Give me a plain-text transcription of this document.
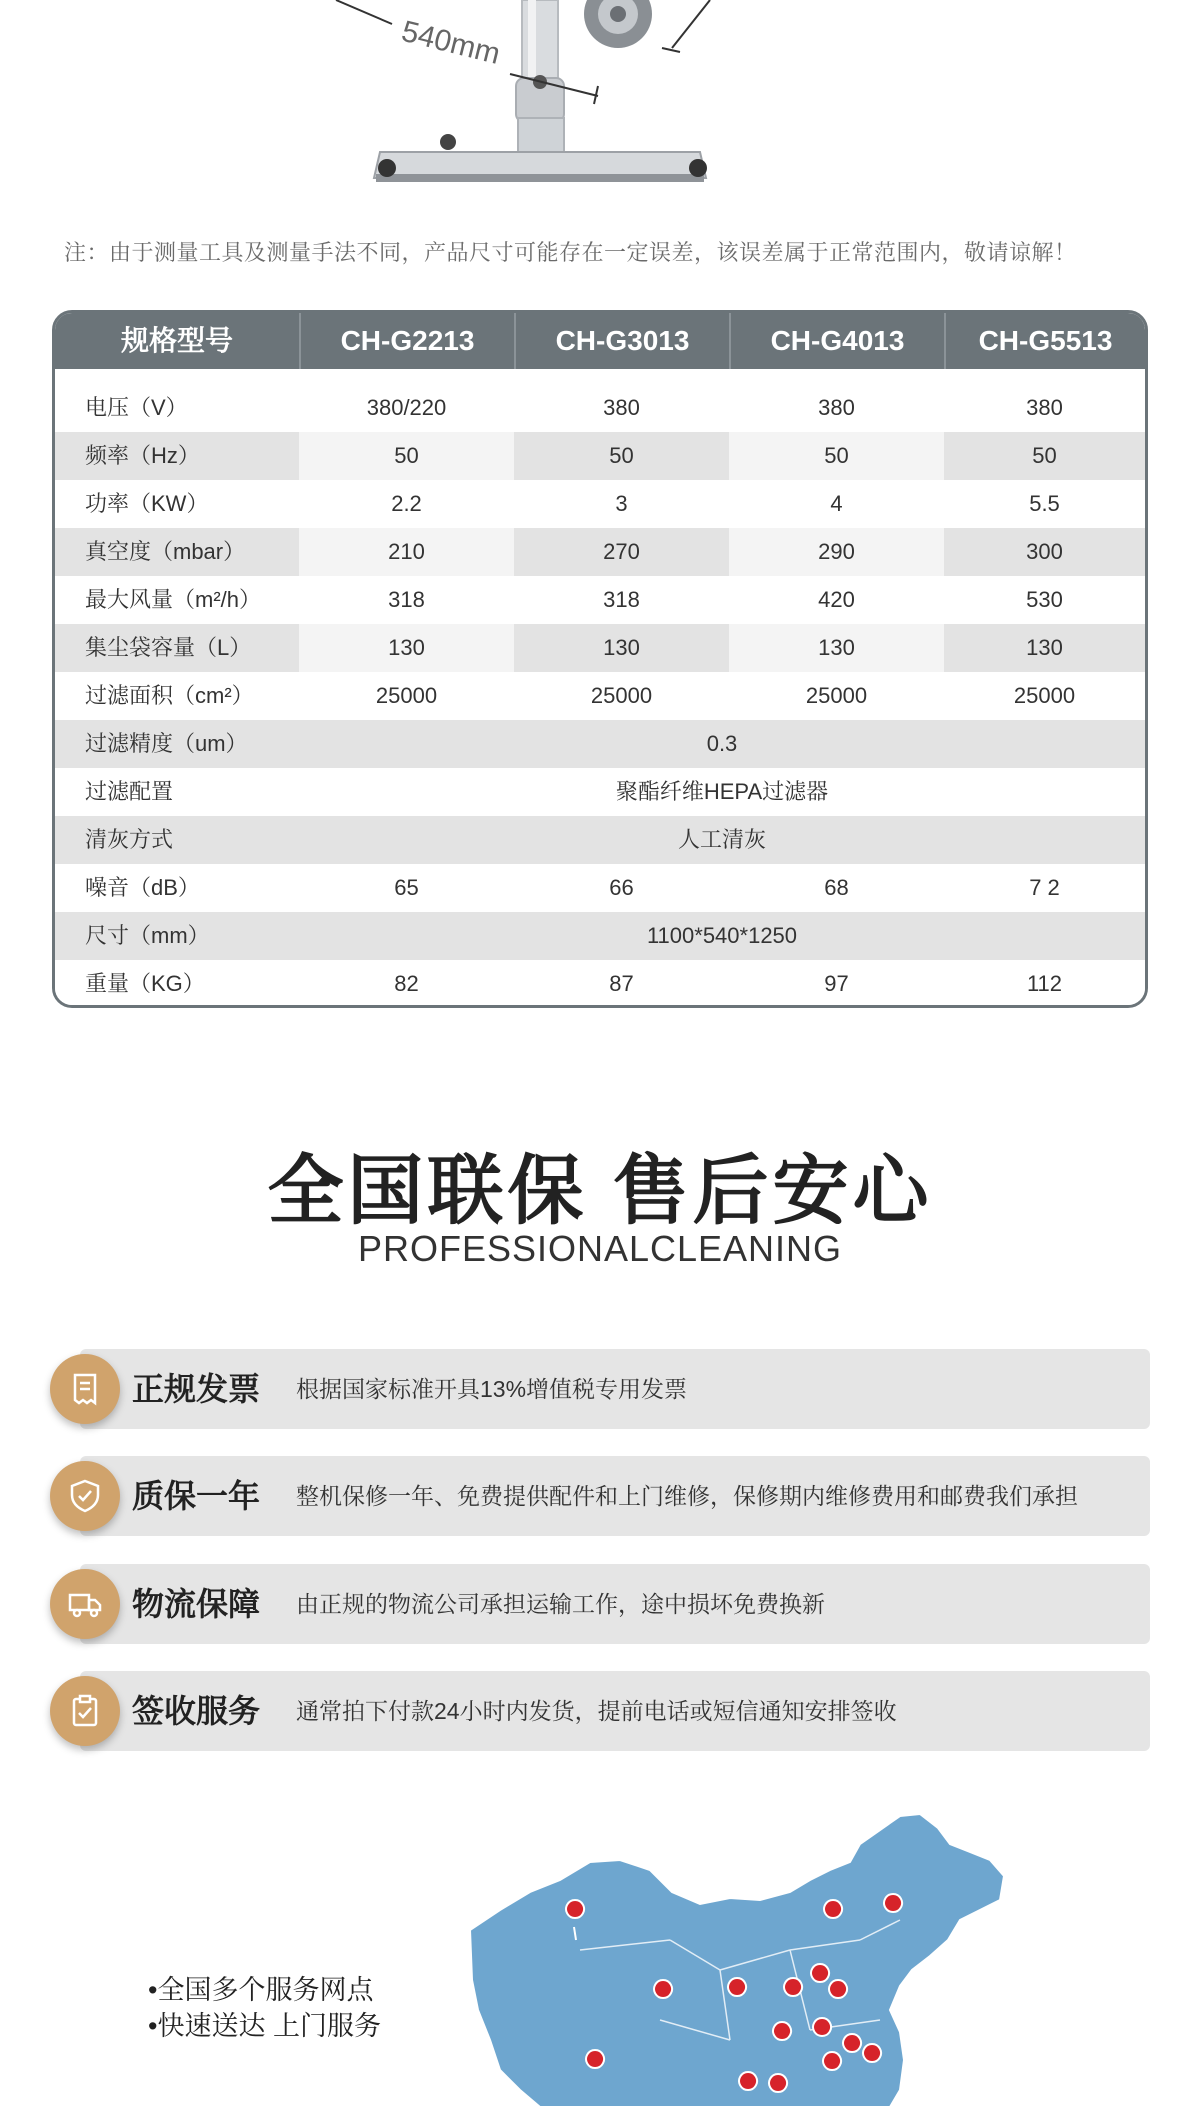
540mm
注：由于测量工具及测量手法不同，产品尺寸可能存在一定误差，该误差属于正常范围内，敬请谅解！
规格型号	CH-G2213	CH-G3013	CH-G4013	CH-G5513
电压（V）	380/220	380	380	380
频率（Hz）	50	50	50	50
功率（KW）	2.2	3	4	5.5
真空度（mbar）	210	270	290	300
最大风量（m²/h）	318	318	420	530
集尘袋容量（L）	130	130	130	130
过滤面积（cm²）	25000	25000	25000	25000
过滤精度（um）	0.3
过滤配置	聚酯纤维HEPA过滤器
清灰方式	人工清灰
噪音（dB）	65	66	68	7 2
尺寸（mm）	1100*540*1250
重量（KG）	82	87	97	112
全国联保 售后安心
PROFESSIONALCLEANING
正规发票 根据国家标准开具13%增值税专用发票
质保一年 整机保修一年、免费提供配件和上门维修，保修期内维修费用和邮费我们承担
物流保障 由正规的物流公司承担运输工作，途中损坏免费换新
签收服务 通常拍下付款24小时内发货，提前电话或短信通知安排签收
•全国多个服务网点
•快速送达 上门服务
